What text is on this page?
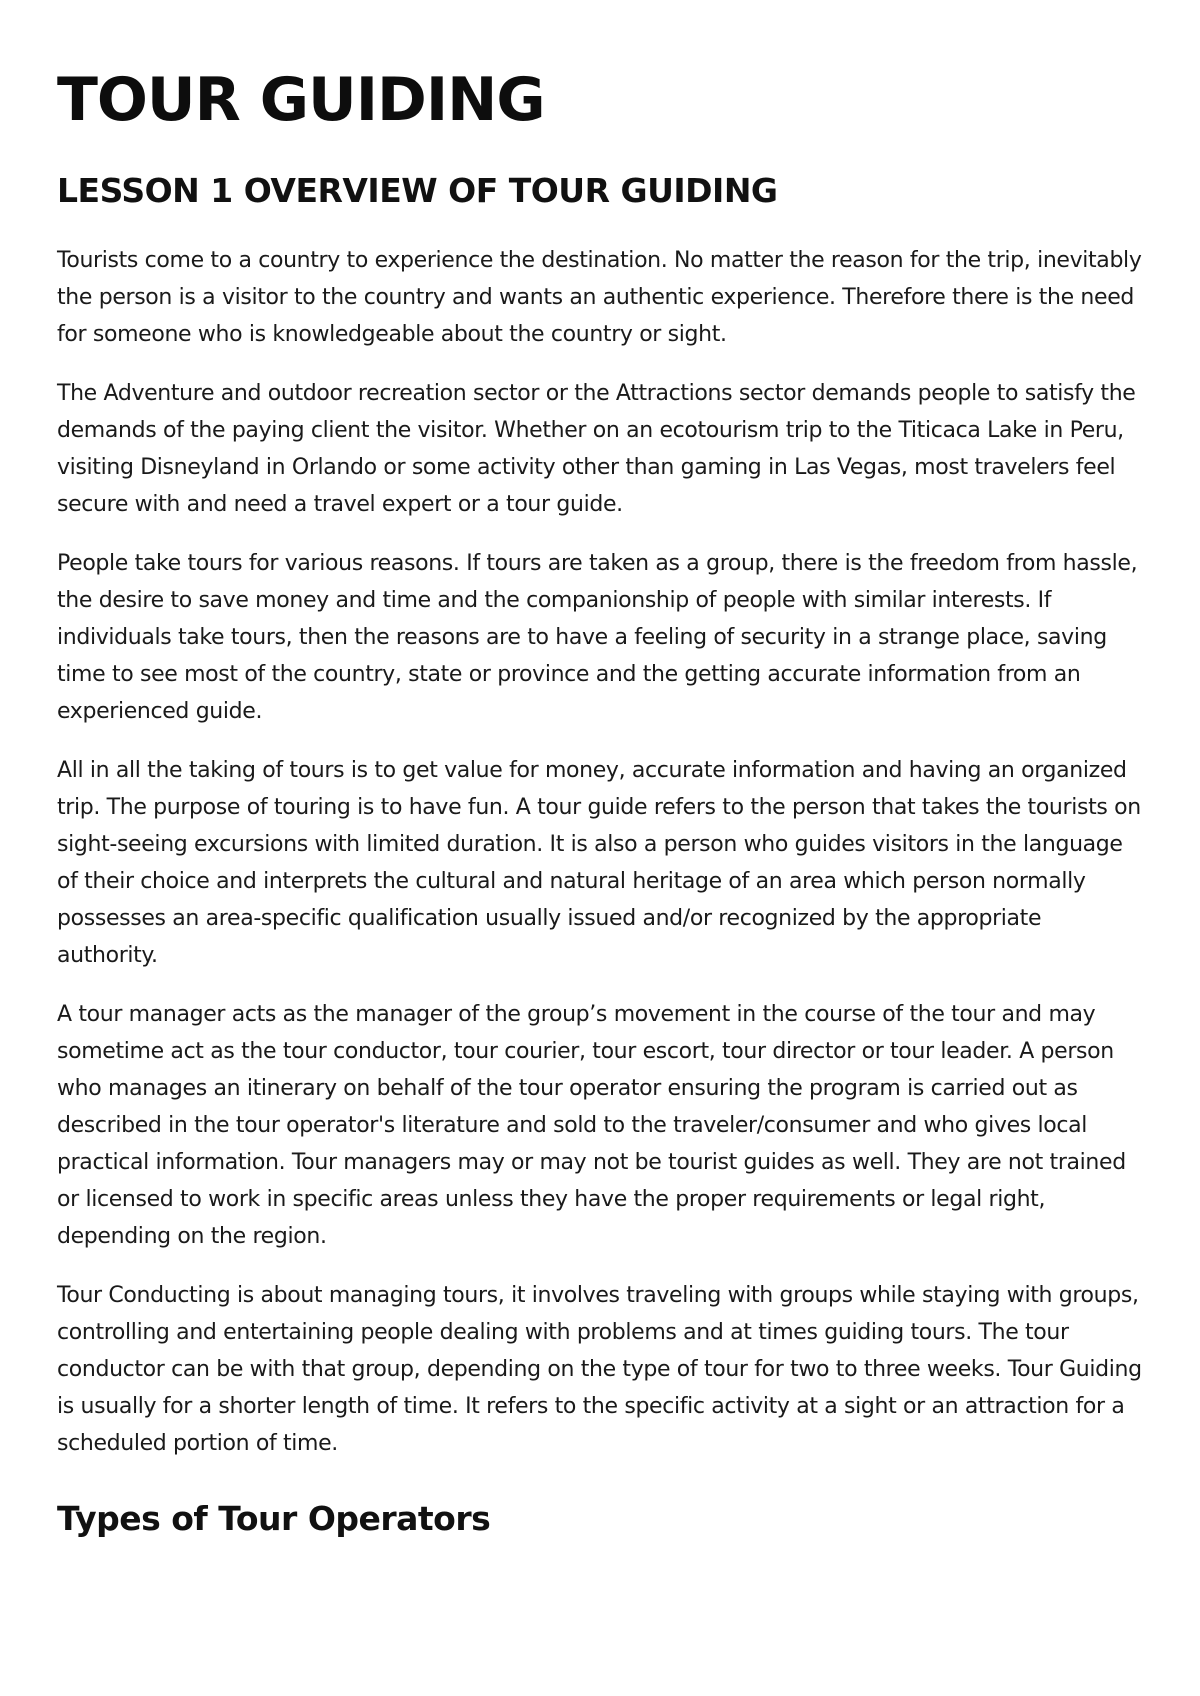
TOUR GUIDING
LESSON 1 OVERVIEW OF TOUR GUIDING

Tourists come to a country to experience the destination. No matter the reason for the trip, inevitably the person is a visitor to the country and wants an authentic experience. Therefore there is the need for someone who is knowledgeable about the country or sight.

The Adventure and outdoor recreation sector or the Attractions sector demands people to satisfy the demands of the paying client the visitor. Whether on an ecotourism trip to the Titicaca Lake in Peru, visiting Disneyland in Orlando or some activity other than gaming in Las Vegas, most travelers feel secure with and need a travel expert or a tour guide.

People take tours for various reasons. If tours are taken as a group, there is the freedom from hassle, the desire to save money and time and the companionship of people with similar interests. If individuals take tours, then the reasons are to have a feeling of security in a strange place, saving time to see most of the country, state or province and the getting accurate information from an experienced guide.

All in all the taking of tours is to get value for money, accurate information and having an organized trip. The purpose of touring is to have fun. A tour guide refers to the person that takes the tourists on sight-seeing excursions with limited duration. It is also a person who guides visitors in the language of their choice and interprets the cultural and natural heritage of an area which person normally possesses an area-specific qualification usually issued and/or recognized by the appropriate authority.

A tour manager acts as the manager of the group’s movement in the course of the tour and may sometime act as the tour conductor, tour courier, tour escort, tour director or tour leader. A person who manages an itinerary on behalf of the tour operator ensuring the program is carried out as described in the tour operator's literature and sold to the traveler/consumer and who gives local practical information. Tour managers may or may not be tourist guides as well. They are not trained or licensed to work in specific areas unless they have the proper requirements or legal right, depending on the region.

Tour Conducting is about managing tours, it involves traveling with groups while staying with groups, controlling and entertaining people dealing with problems and at times guiding tours. The tour conductor can be with that group, depending on the type of tour for two to three weeks. Tour Guiding is usually for a shorter length of time. It refers to the specific activity at a sight or an attraction for a scheduled portion of time.

Types of Tour Operators
